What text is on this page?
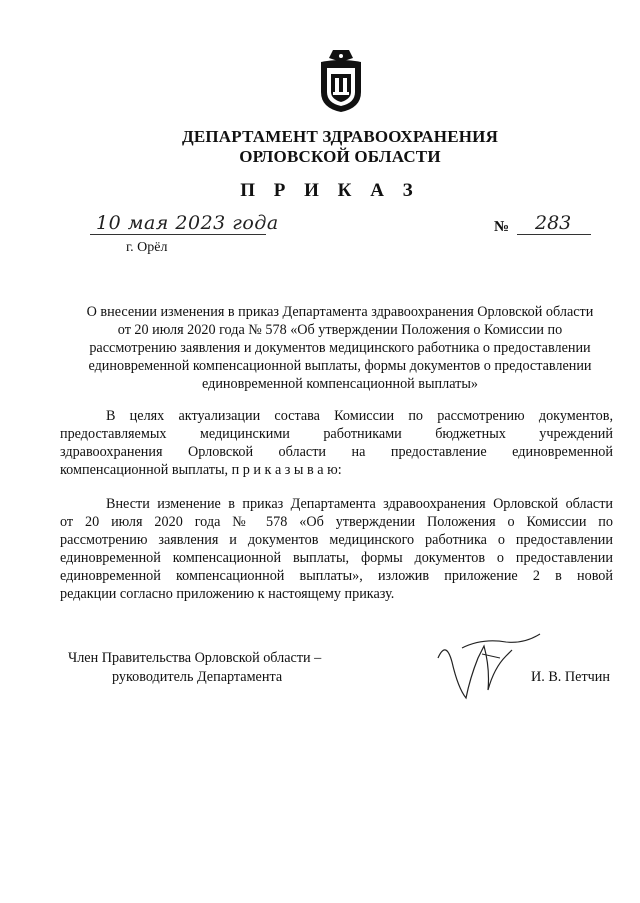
ДЕПАРТАМЕНТ ЗДРАВООХРАНЕНИЯ
ОРЛОВСКОЙ ОБЛАСТИ
П Р И К А З
10 мая 2023 года
г. Орёл
№ 283
О внесении изменения в приказ Департамента здравоохранения Орловской области
от 20 июля 2020 года № 578 «Об утверждении Положения о Комиссии по
рассмотрению заявления и документов медицинского работника о предоставлении
единовременной компенсационной выплаты, формы документов о предоставлении
единовременной компенсационной выплаты»
В целях актуализации состава Комиссии по рассмотрению документов,
предоставляемых медицинскими работниками бюджетных учреждений
здравоохранения Орловской области на предоставление единовременной
компенсационной выплаты, п р и к а з ы в а ю:
Внести изменение в приказ Департамента здравоохранения Орловской области
от 20 июля 2020 года № 578 «Об утверждении Положения о Комиссии по
рассмотрению заявления и документов медицинского работника о предоставлении
единовременной компенсационной выплаты, формы документов о предоставлении
единовременной компенсационной выплаты», изложив приложение 2 в новой
редакции согласно приложению к настоящему приказу.
Член Правительства Орловской области –
руководитель Департамента	И. В. Петчин
